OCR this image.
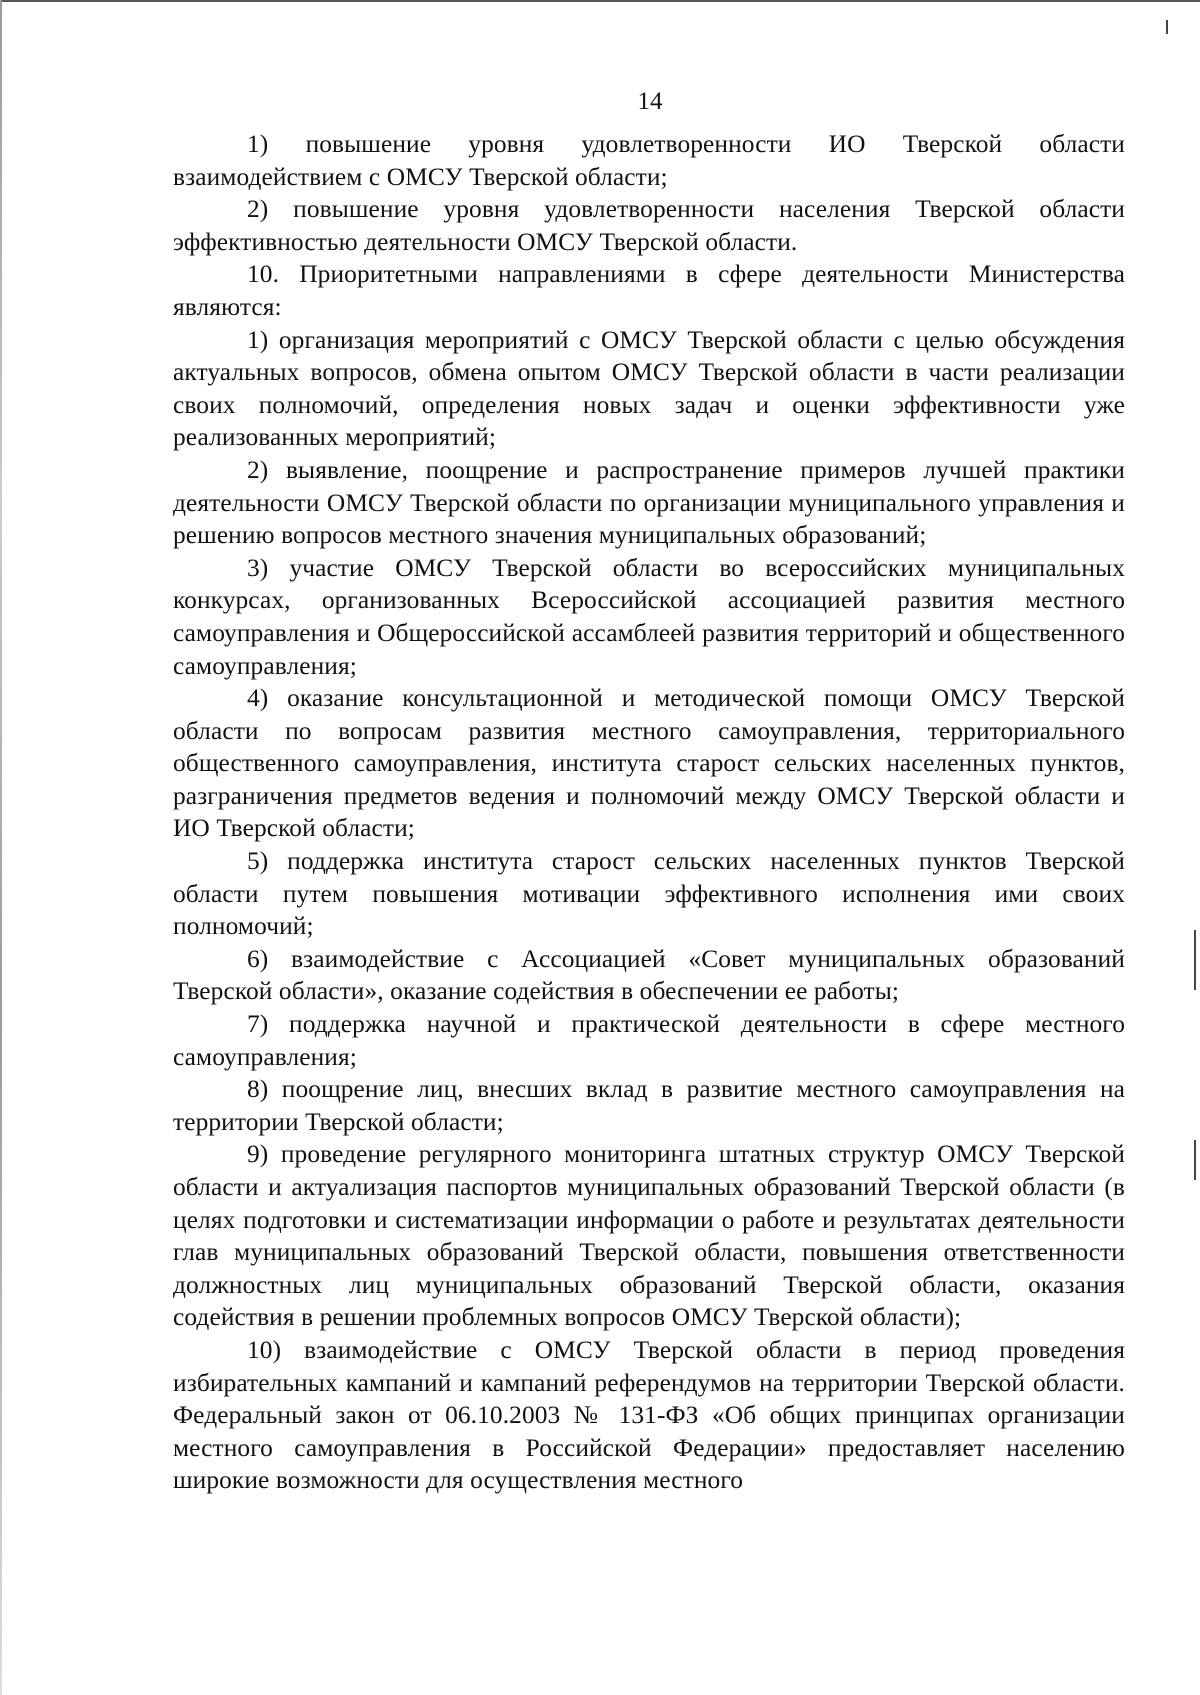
14

1) повышение уровня удовлетворенности ИО Тверской области взаимодействием с ОМСУ Тверской области;

2) повышение уровня удовлетворенности населения Тверской области эффективностью деятельности ОМСУ Тверской области.

10. Приоритетными направлениями в сфере деятельности Министерства являются:

1) организация мероприятий с ОМСУ Тверской области с целью обсуждения актуальных вопросов, обмена опытом ОМСУ Тверской области в части реализации своих полномочий, определения новых задач и оценки эффективности уже реализованных мероприятий;

2) выявление, поощрение и распространение примеров лучшей практики деятельности ОМСУ Тверской области по организации муниципального управления и решению вопросов местного значения муниципальных образований;

3) участие ОМСУ Тверской области во всероссийских муниципальных конкурсах, организованных Всероссийской ассоциацией развития местного самоуправления и Общероссийской ассамблеей развития территорий и общественного самоуправления;

4) оказание консультационной и методической помощи ОМСУ Тверской области по вопросам развития местного самоуправления, территориального общественного самоуправления, института старост сельских населенных пунктов, разграничения предметов ведения и полномочий между ОМСУ Тверской области и ИО Тверской области;

5) поддержка института старост сельских населенных пунктов Тверской области путем повышения мотивации эффективного исполнения ими своих полномочий;

6) взаимодействие с Ассоциацией «Совет муниципальных образований Тверской области», оказание содействия в обеспечении ее работы;

7) поддержка научной и практической деятельности в сфере местного самоуправления;

8) поощрение лиц, внесших вклад в развитие местного самоуправления на территории Тверской области;

9) проведение регулярного мониторинга штатных структур ОМСУ Тверской области и актуализация паспортов муниципальных образований Тверской области (в целях подготовки и систематизации информации о работе и результатах деятельности глав муниципальных образований Тверской области, повышения ответственности должностных лиц муниципальных образований Тверской области, оказания содействия в решении проблемных вопросов ОМСУ Тверской области);

10) взаимодействие с ОМСУ Тверской области в период проведения избирательных кампаний и кампаний референдумов на территории Тверской области. Федеральный закон от 06.10.2003 № 131-ФЗ «Об общих принципах организации местного самоуправления в Российской Федерации» предоставляет населению широкие возможности для осуществления местного
